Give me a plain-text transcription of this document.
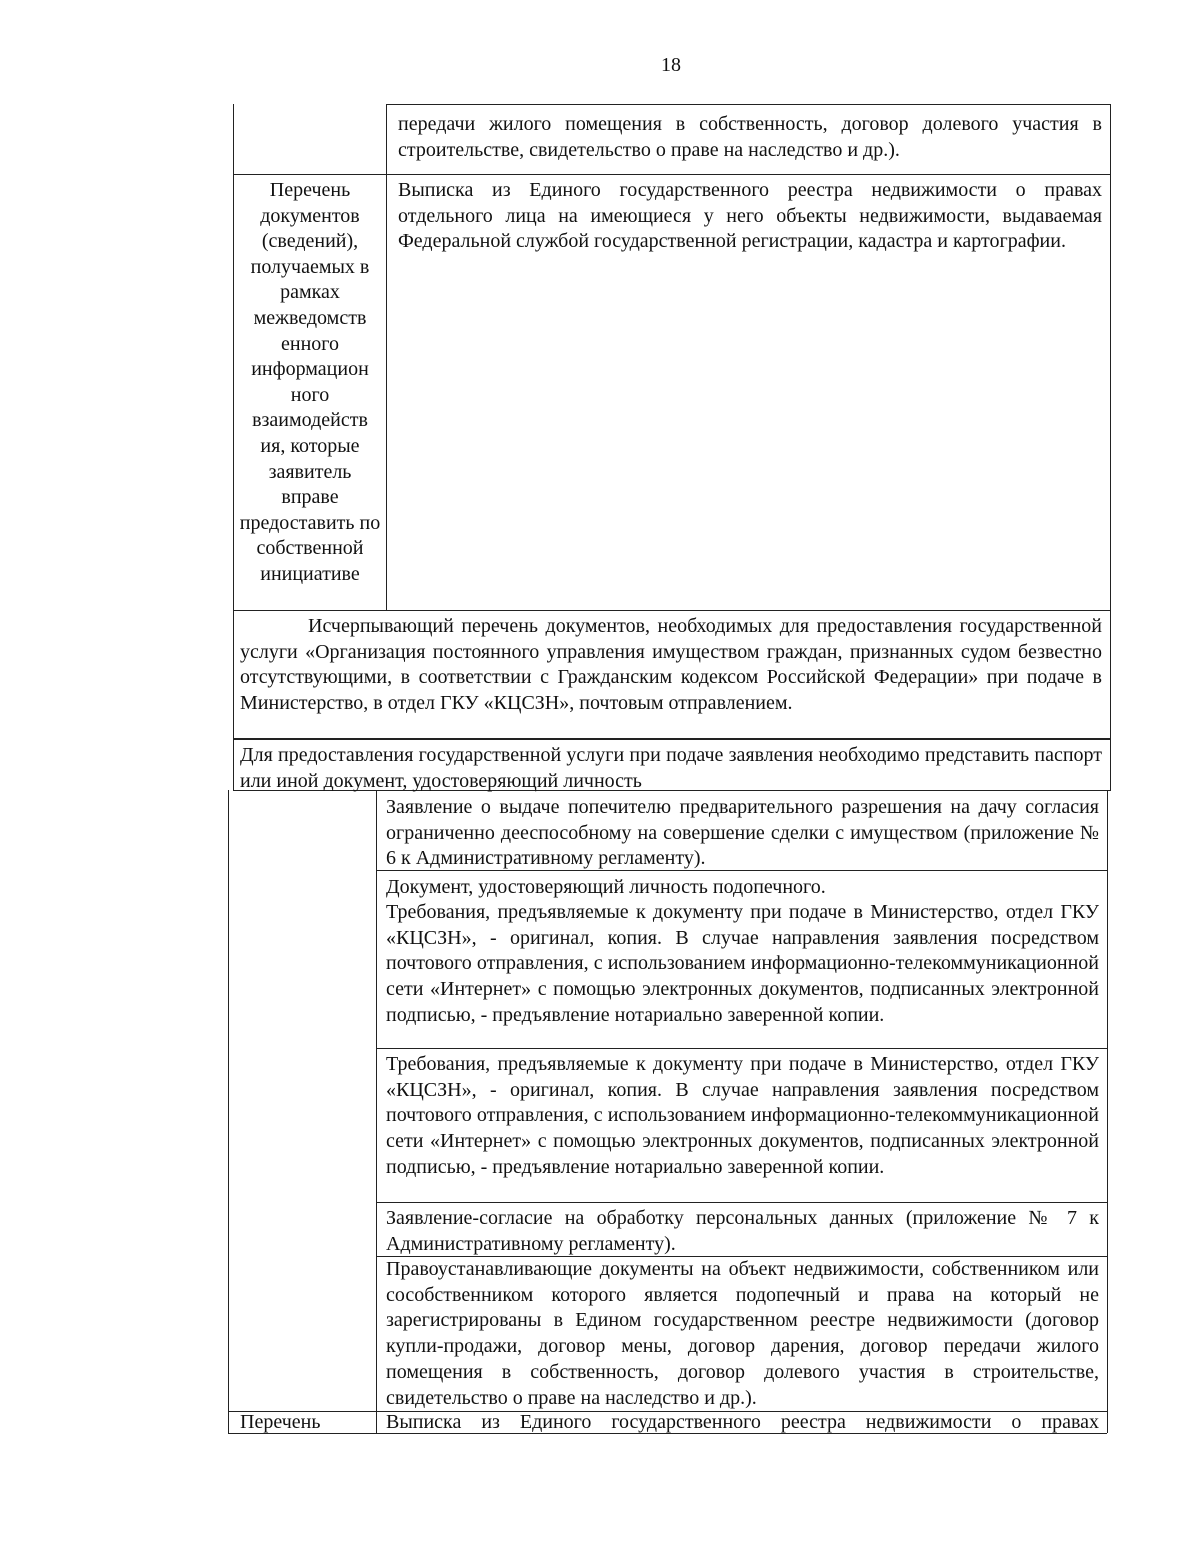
18
передачи жилого помещения в собственность, договор долевого участия в строительстве, свидетельство о праве на наследство и др.).
Перечень документов (сведений), получаемых в рамках межведомств енного информацион ного взаимодейств ия, которые заявитель вправе предоставить по собственной инициативе
Выписка из Единого государственного реестра недвижимости о правах отдельного лица на имеющиеся у него объекты недвижимости, выдаваемая Федеральной службой государственной регистрации, кадастра и картографии.
Исчерпывающий перечень документов, необходимых для предоставления государственной услуги «Организация постоянного управления имуществом граждан, признанных судом безвестно отсутствующими, в соответствии с Гражданским кодексом Российской Федерации» при подаче в Министерство, в отдел ГКУ «КЦСЗН», почтовым отправлением.
Для предоставления государственной услуги при подаче заявления необходимо представить паспорт или иной документ, удостоверяющий личность
Заявление о выдаче попечителю предварительного разрешения на дачу согласия ограниченно дееспособному на совершение сделки с имуществом (приложение № 6 к Административному регламенту).
Документ, удостоверяющий личность подопечного.
Требования, предъявляемые к документу при подаче в Министерство, отдел ГКУ «КЦСЗН», - оригинал, копия. В случае направления заявления посредством почтового отправления, с использованием информационно-телекоммуникационной сети «Интернет» с помощью электронных документов, подписанных электронной подписью, - предъявление нотариально заверенной копии.
Требования, предъявляемые к документу при подаче в Министерство, отдел ГКУ «КЦСЗН», - оригинал, копия. В случае направления заявления посредством почтового отправления, с использованием информационно-телекоммуникационной сети «Интернет» с помощью электронных документов, подписанных электронной подписью, - предъявление нотариально заверенной копии.
Заявление-согласие на обработку персональных данных (приложение № 7 к Административному регламенту).
Правоустанавливающие документы на объект недвижимости, собственником или сособственником которого является подопечный и права на который не зарегистрированы в Едином государственном реестре недвижимости (договор купли-продажи, договор мены, договор дарения, договор передачи жилого помещения в собственность, договор долевого участия в строительстве, свидетельство о праве на наследство и др.).
Перечень	Выписка из Единого государственного реестра недвижимости о правах
